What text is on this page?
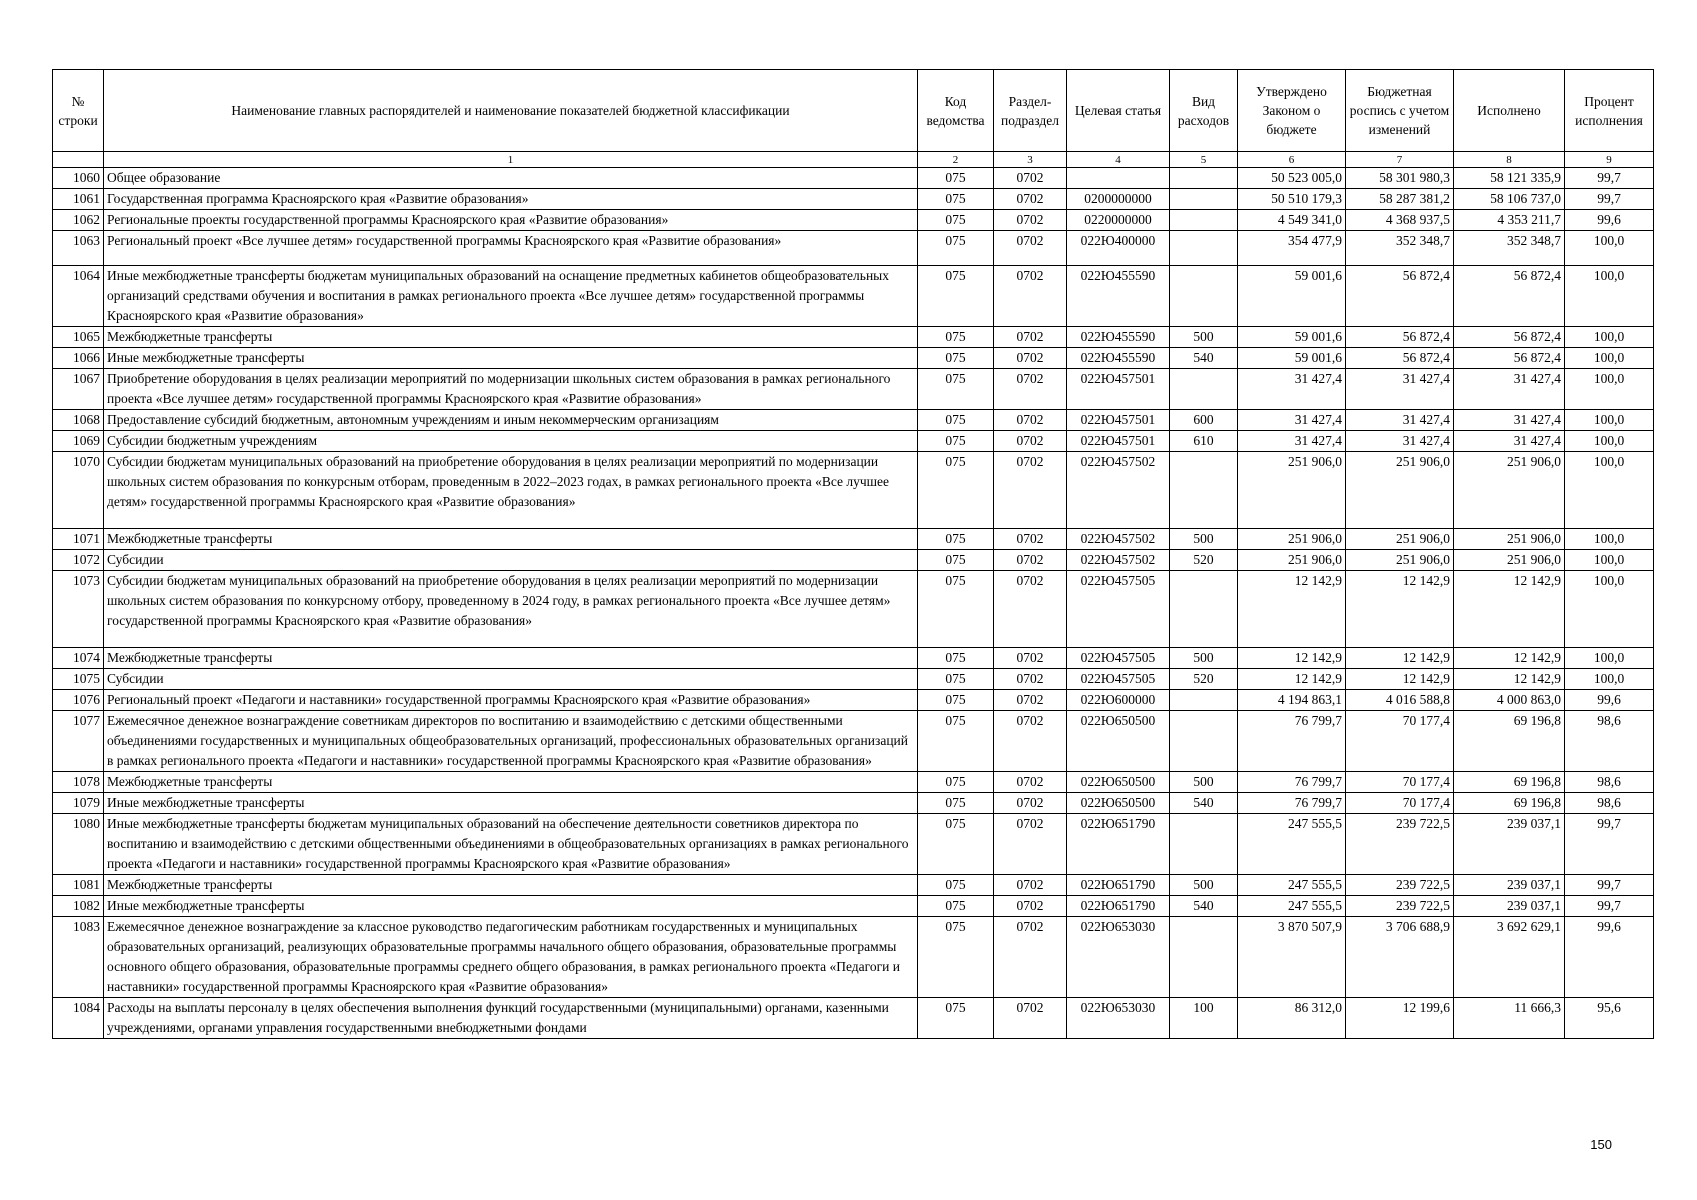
№ строки	Наименование главных распорядителей и наименование показателей бюджетной классификации	Код ведомства	Раздел-подраздел	Целевая статья	Вид расходов	Утверждено Законом о бюджете	Бюджетная роспись с учетом изменений	Исполнено	Процент исполнения
	1	2	3	4	5	6	7	8	9
1060	Общее образование	075	0702			50 523 005,0	58 301 980,3	58 121 335,9	99,7
1061	Государственная программа Красноярского края «Развитие образования»	075	0702	0200000000		50 510 179,3	58 287 381,2	58 106 737,0	99,7
1062	Региональные проекты государственной программы Красноярского края «Развитие образования»	075	0702	0220000000		4 549 341,0	4 368 937,5	4 353 211,7	99,6
1063	Региональный проект «Все лучшее детям» государственной программы Красноярского края «Развитие образования»	075	0702	022Ю400000		354 477,9	352 348,7	352 348,7	100,0
1064	Иные межбюджетные трансферты бюджетам муниципальных образований на оснащение предметных кабинетов общеобразовательных организаций средствами обучения и воспитания в рамках регионального проекта «Все лучшее детям» государственной программы Красноярского края «Развитие образования»	075	0702	022Ю455590		59 001,6	56 872,4	56 872,4	100,0
1065	Межбюджетные трансферты	075	0702	022Ю455590	500	59 001,6	56 872,4	56 872,4	100,0
1066	Иные межбюджетные трансферты	075	0702	022Ю455590	540	59 001,6	56 872,4	56 872,4	100,0
1067	Приобретение оборудования в целях реализации мероприятий по модернизации школьных систем образования в рамках регионального проекта «Все лучшее детям» государственной программы Красноярского края «Развитие образования»	075	0702	022Ю457501		31 427,4	31 427,4	31 427,4	100,0
1068	Предоставление субсидий бюджетным, автономным учреждениям и иным некоммерческим организациям	075	0702	022Ю457501	600	31 427,4	31 427,4	31 427,4	100,0
1069	Субсидии бюджетным учреждениям	075	0702	022Ю457501	610	31 427,4	31 427,4	31 427,4	100,0
1070	Субсидии бюджетам муниципальных образований на приобретение оборудования в целях реализации мероприятий по модернизации школьных систем образования по конкурсным отборам, проведенным в 2022–2023 годах, в рамках регионального проекта «Все лучшее детям» государственной программы Красноярского края «Развитие образования»	075	0702	022Ю457502		251 906,0	251 906,0	251 906,0	100,0
1071	Межбюджетные трансферты	075	0702	022Ю457502	500	251 906,0	251 906,0	251 906,0	100,0
1072	Субсидии	075	0702	022Ю457502	520	251 906,0	251 906,0	251 906,0	100,0
1073	Субсидии бюджетам муниципальных образований на приобретение оборудования в целях реализации мероприятий по модернизации школьных систем образования по конкурсному отбору, проведенному в 2024 году, в рамках регионального проекта «Все лучшее детям» государственной программы Красноярского края «Развитие образования»	075	0702	022Ю457505		12 142,9	12 142,9	12 142,9	100,0
1074	Межбюджетные трансферты	075	0702	022Ю457505	500	12 142,9	12 142,9	12 142,9	100,0
1075	Субсидии	075	0702	022Ю457505	520	12 142,9	12 142,9	12 142,9	100,0
1076	Региональный проект «Педагоги и наставники» государственной программы Красноярского края «Развитие образования»	075	0702	022Ю600000		4 194 863,1	4 016 588,8	4 000 863,0	99,6
1077	Ежемесячное денежное вознаграждение советникам директоров по воспитанию и взаимодействию с детскими общественными объединениями государственных и муниципальных общеобразовательных организаций, профессиональных образовательных организаций в рамках регионального проекта «Педагоги и наставники» государственной программы Красноярского края «Развитие образования»	075	0702	022Ю650500		76 799,7	70 177,4	69 196,8	98,6
1078	Межбюджетные трансферты	075	0702	022Ю650500	500	76 799,7	70 177,4	69 196,8	98,6
1079	Иные межбюджетные трансферты	075	0702	022Ю650500	540	76 799,7	70 177,4	69 196,8	98,6
1080	Иные межбюджетные трансферты бюджетам муниципальных образований на обеспечение деятельности советников директора по воспитанию и взаимодействию с детскими общественными объединениями в общеобразовательных организациях в рамках регионального проекта «Педагоги и наставники» государственной программы Красноярского края «Развитие образования»	075	0702	022Ю651790		247 555,5	239 722,5	239 037,1	99,7
1081	Межбюджетные трансферты	075	0702	022Ю651790	500	247 555,5	239 722,5	239 037,1	99,7
1082	Иные межбюджетные трансферты	075	0702	022Ю651790	540	247 555,5	239 722,5	239 037,1	99,7
1083	Ежемесячное денежное вознаграждение за классное руководство педагогическим работникам государственных и муниципальных образовательных организаций, реализующих образовательные программы начального общего образования, образовательные программы основного общего образования, образовательные программы среднего общего образования, в рамках регионального проекта «Педагоги и наставники» государственной программы Красноярского края «Развитие образования»	075	0702	022Ю653030		3 870 507,9	3 706 688,9	3 692 629,1	99,6
1084	Расходы на выплаты персоналу в целях обеспечения выполнения функций государственными (муниципальными) органами, казенными учреждениями, органами управления государственными внебюджетными фондами	075	0702	022Ю653030	100	86 312,0	12 199,6	11 666,3	95,6
150
